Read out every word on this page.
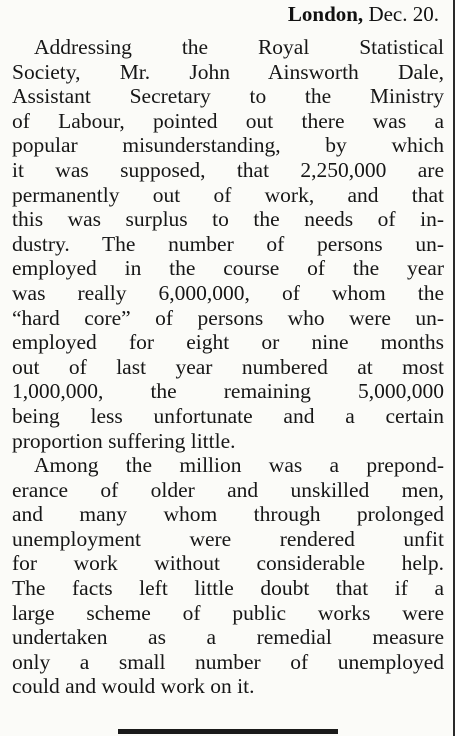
London, Dec. 20.
Addressing the Royal Statistical
Society, Mr. John Ainsworth Dale,
Assistant Secretary to the Ministry
of Labour, pointed out there was a
popular misunderstanding, by which
it was supposed, that 2,250,000 are
permanently out of work, and that
this was surplus to the needs of in-
dustry. The number of persons un-
employed in the course of the year
was really 6,000,000, of whom the
“hard core” of persons who were un-
employed for eight or nine months
out of last year numbered at most
1,000,000, the remaining 5,000,000
being less unfortunate and a certain
proportion suffering little.
Among the million was a prepond-
erance of older and unskilled men,
and many whom through prolonged
unemployment were rendered unfit
for work without considerable help.
The facts left little doubt that if a
large scheme of public works were
undertaken as a remedial measure
only a small number of unemployed
could and would work on it.
